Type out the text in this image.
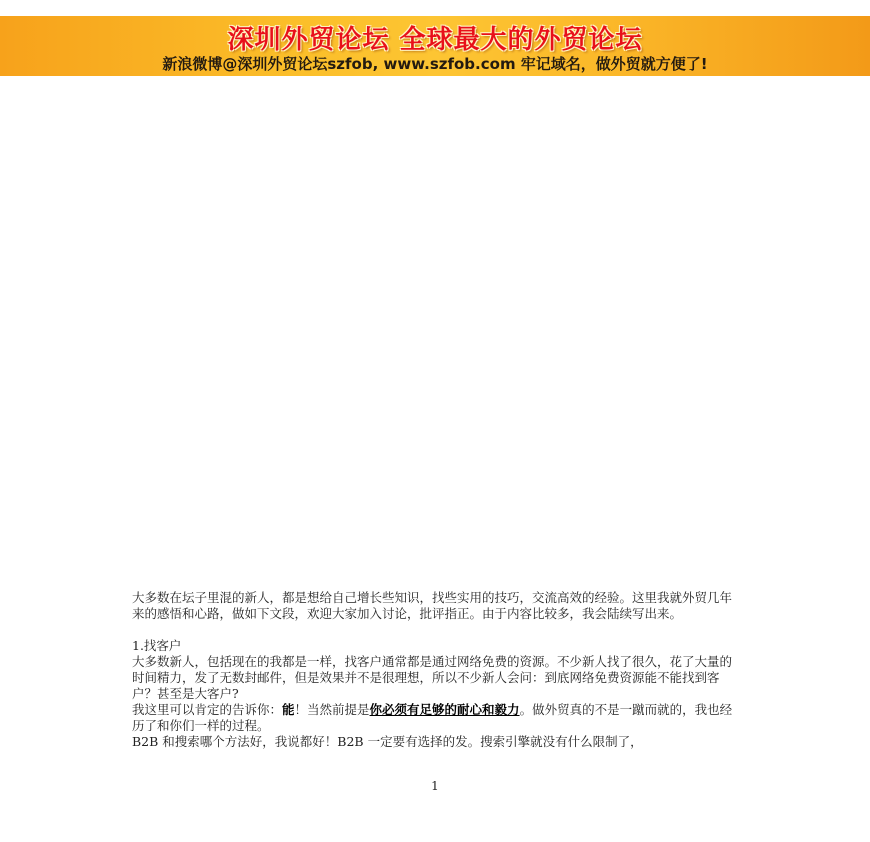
深圳外贸论坛 全球最大的外贸论坛
新浪微博@深圳外贸论坛szfob, www.szfob.com 牢记域名，做外贸就方便了!

大多数在坛子里混的新人，都是想给自己增长些知识，找些实用的技巧，交流高效的经验。这里我就外贸几年来的感悟和心路，做如下文段，欢迎大家加入讨论，批评指正。由于内容比较多，我会陆续写出来。

1.找客户

大多数新人，包括现在的我都是一样，找客户通常都是通过网络免费的资源。不少新人找了很久，花了大量的时间精力，发了无数封邮件，但是效果并不是很理想，所以不少新人会问：到底网络免费资源能不能找到客户？甚至是大客户?

我这里可以肯定的告诉你：能！当然前提是你必须有足够的耐心和毅力。做外贸真的不是一蹴而就的，我也经历了和你们一样的过程。

B2B 和搜索哪个方法好，我说都好！B2B 一定要有选择的发。搜索引擎就没有什么限制了，

1
